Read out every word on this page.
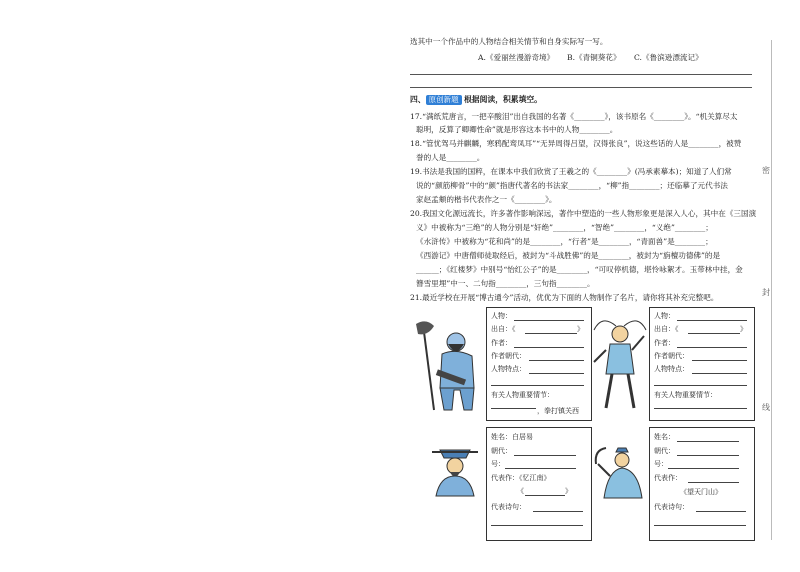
选其中一个作品中的人物结合相关情节和自身实际写一写。
A.《爱丽丝漫游奇境》 B.《青铜葵花》 C.《鲁滨逊漂流记》
四、 原创新题 根据阅读，积累填空。
17.“满纸荒唐言，一把辛酸泪”出自我国的名著《________》，该书原名《________》。“机关算尽太
聪明，反算了卿卿性命”就是形容这本书中的人物________。
18.“管忧驾马并麒麟，寒鸦配鸾凤耳”“无异周得吕望，汉得张良”，说这些话的人是________，被赞
誉的人是________。
19.书法是我国的国粹，在课本中我们欣赏了王羲之的《________》(冯承素摹本)；知道了人们常
说的“颜筋柳骨”中的“颜”指唐代著名的书法家________，“柳”指________；还临摹了元代书法
家赵孟頫的楷书代表作之一《________》。
20.我国文化源远流长，许多著作影响深远，著作中塑造的一些人物形象更是深入人心，其中在《三国演
义》中被称为“三绝”的人物分别是“奸绝”________，“智绝”________，“义绝”________；
《水浒传》中被称为“花和尚”的是________，“行者”是________，“青面兽”是________；
《西游记》中唐僧师徒取经后，被封为“斗战胜佛”的是________，被封为“旃檀功德佛”的是
______；《红楼梦》中别号“怡红公子”的是________，“可叹停机德，堪怜咏絮才。玉带林中挂，金
簪雪里埋”中一、二句指________，三句指________。
21.最近学校在开展“博古通今”活动，优优为下面的人物制作了名片，请你将其补充完整吧。
人物：
出自：《	》
作者：
作者朝代：
人物特点：
有关人物重要情节：
，拳打镇关西
人物：
出自：《	》
作者：
作者朝代：
人物特点：
有关人物重要情节：
姓名：白居易
朝代：
号：
代表作：《忆江南》
《	》
代表诗句：
姓名：
朝代：
号：
代表作：
《望天门山》
代表诗句：
密
封
线
